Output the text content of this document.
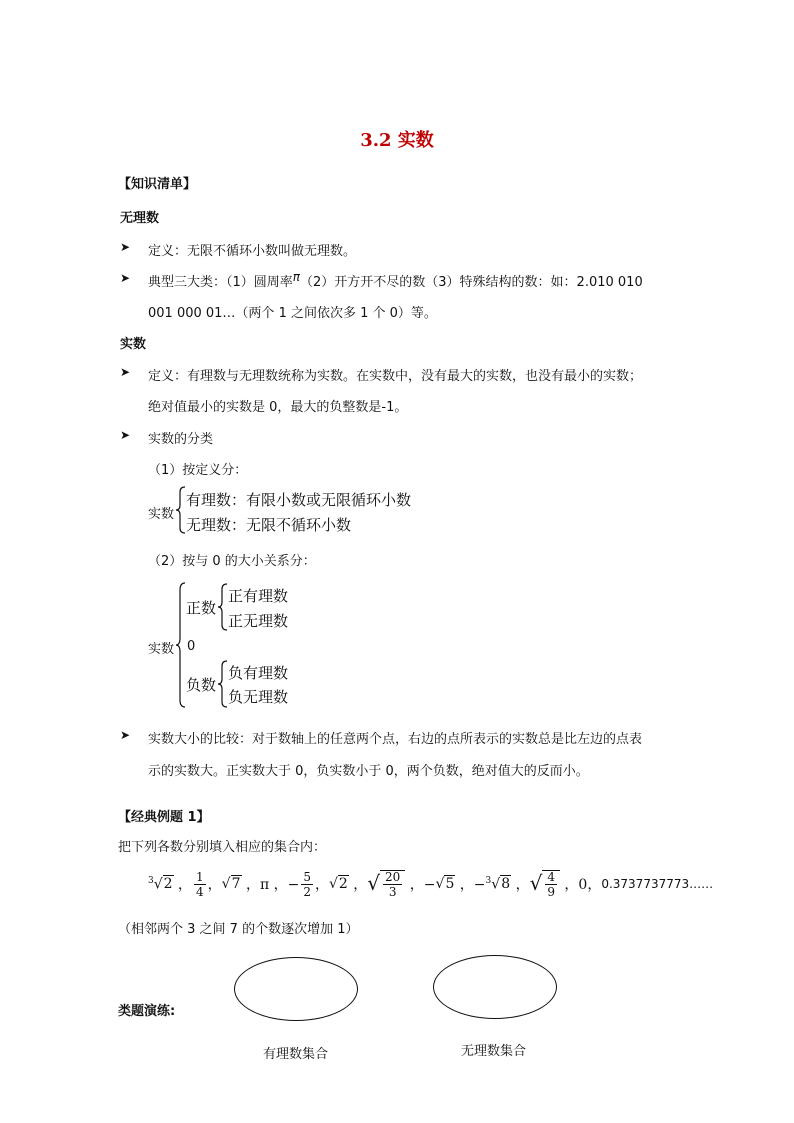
3.2 实数
【知识清单】
无理数
➤ 定义：无限不循环小数叫做无理数。
➤ 典型三大类：（1）圆周率π（2）开方开不尽的数（3）特殊结构的数：如：2.010 010
001 000 01…（两个 1 之间依次多 1 个 0）等。
实数
➤ 定义：有理数与无理数统称为实数。在实数中，没有最大的实数，也没有最小的实数；
绝对值最小的实数是 0，最大的负整数是-1。
➤ 实数的分类
（1）按定义分：
实数
有理数：有限小数或无限循环小数
无理数：无限不循环小数
（2）按与 0 的大小关系分：
实数
正数
正有理数
正无理数
0
负数
负有理数
负无理数
➤ 实数大小的比较：对于数轴上的任意两个点，右边的点所表示的实数总是比左边的点表
示的实数大。正实数大于 0，负实数小于 0，两个负数，绝对值大的反而小。
【经典例题 1】
把下列各数分别填入相应的集合内：
$^3$√2 ， $\frac{1}{4}$ ， √7 ，π ，− $\frac{5}{2}$ ， √2 ， √ $\frac{20}{3}$ ，− √5 ，− $^3$√8 ， √ $\frac{4}{9}$ ，0， 0.3737737773……
（相邻两个 3 之间 7 的个数逐次增加 1）
类题演练:
有理数集合	无理数集合
